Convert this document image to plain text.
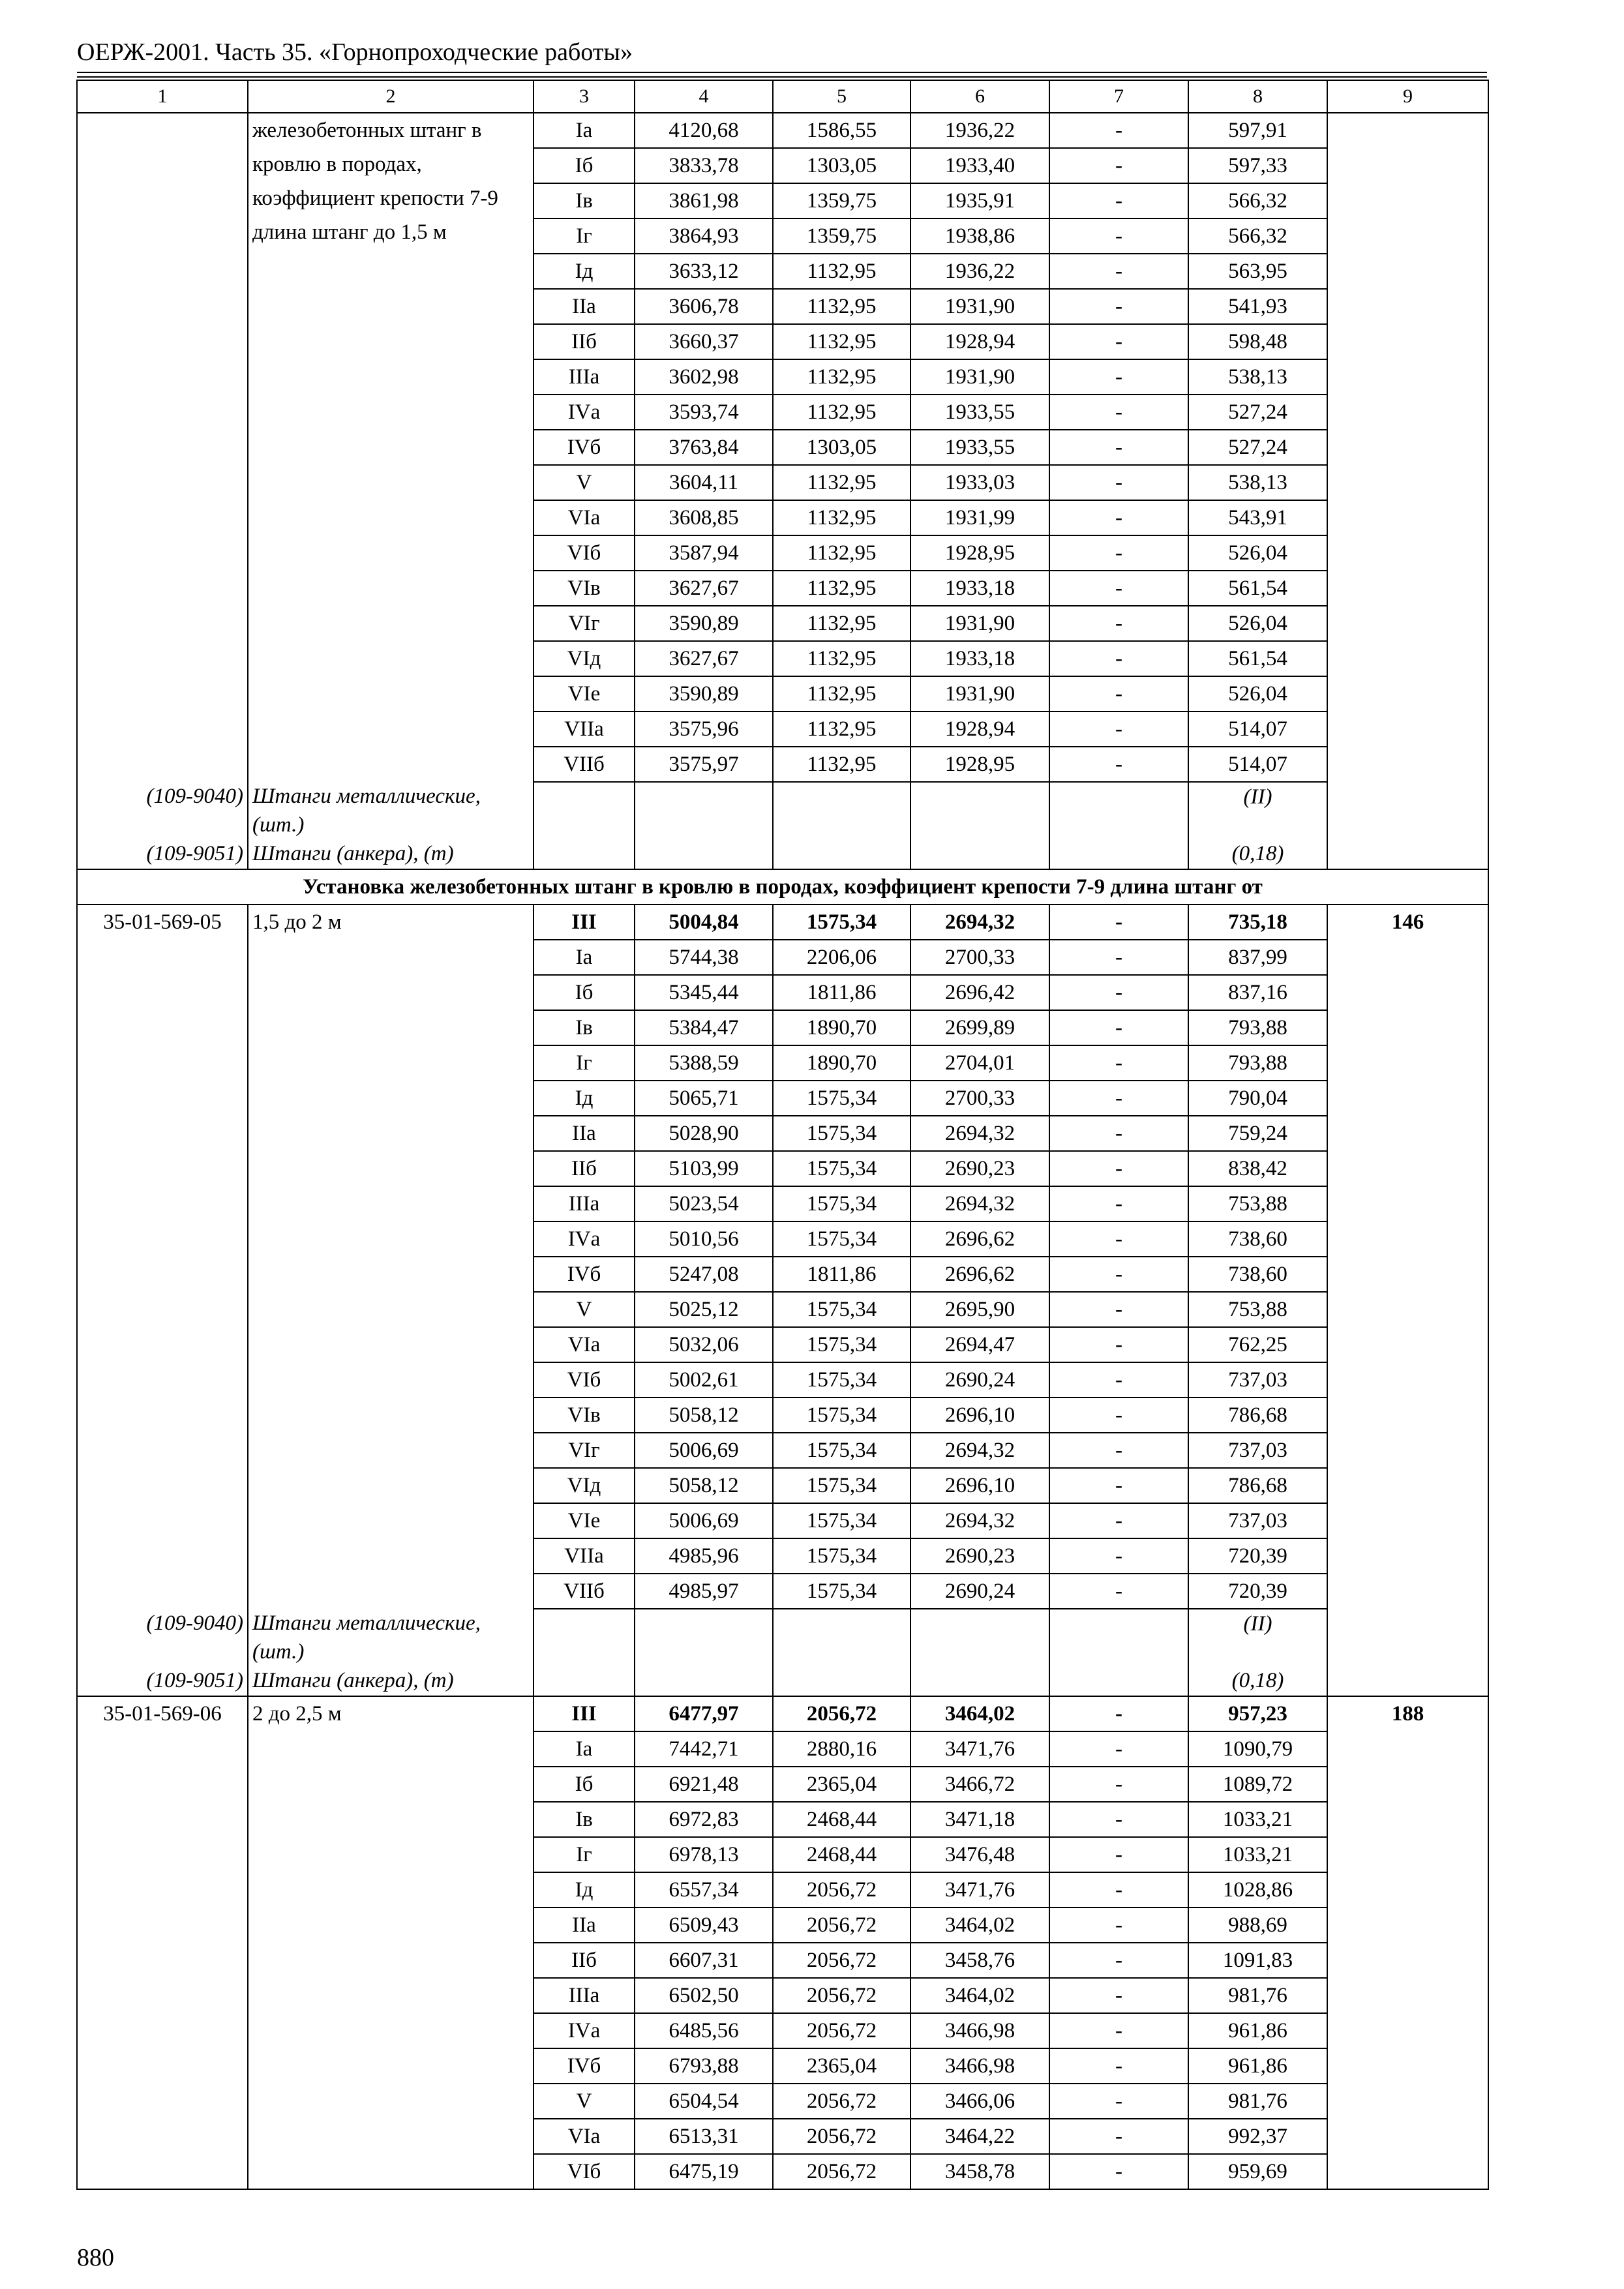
ОЕРЖ-2001. Часть 35. «Горнопроходческие работы»
1	2	3	4	5	6	7	8	9
	железобетонных штанг в кровлю в породах, коэффициент крепости 7-9 длина штанг до 1,5 м	Iа	4120,68	1586,55	1936,22	-	597,91	
		Iб	3833,78	1303,05	1933,40	-	597,33	
		Iв	3861,98	1359,75	1935,91	-	566,32	
		Iг	3864,93	1359,75	1938,86	-	566,32	
		Iд	3633,12	1132,95	1936,22	-	563,95	
		IIа	3606,78	1132,95	1931,90	-	541,93	
		IIб	3660,37	1132,95	1928,94	-	598,48	
		IIIа	3602,98	1132,95	1931,90	-	538,13	
		IVа	3593,74	1132,95	1933,55	-	527,24	
		IVб	3763,84	1303,05	1933,55	-	527,24	
		V	3604,11	1132,95	1933,03	-	538,13	
		VIа	3608,85	1132,95	1931,99	-	543,91	
		VIб	3587,94	1132,95	1928,95	-	526,04	
		VIв	3627,67	1132,95	1933,18	-	561,54	
		VIг	3590,89	1132,95	1931,90	-	526,04	
		VIд	3627,67	1132,95	1933,18	-	561,54	
		VIе	3590,89	1132,95	1931,90	-	526,04	
		VIIа	3575,96	1132,95	1928,94	-	514,07	
		VIIб	3575,97	1132,95	1928,95	-	514,07	
(109-9040)	Штанги металлические, (шт.)						(II)	
(109-9051)	Штанги (анкера), (т)						(0,18)	
Установка железобетонных штанг в кровлю в породах, коэффициент крепости 7-9 длина штанг от								
35-01-569-05	1,5 до 2 м	III	5004,84	1575,34	2694,32	-	735,18	146
		Iа	5744,38	2206,06	2700,33	-	837,99	
		Iб	5345,44	1811,86	2696,42	-	837,16	
		Iв	5384,47	1890,70	2699,89	-	793,88	
		Iг	5388,59	1890,70	2704,01	-	793,88	
		Iд	5065,71	1575,34	2700,33	-	790,04	
		IIа	5028,90	1575,34	2694,32	-	759,24	
		IIб	5103,99	1575,34	2690,23	-	838,42	
		IIIа	5023,54	1575,34	2694,32	-	753,88	
		IVа	5010,56	1575,34	2696,62	-	738,60	
		IVб	5247,08	1811,86	2696,62	-	738,60	
		V	5025,12	1575,34	2695,90	-	753,88	
		VIа	5032,06	1575,34	2694,47	-	762,25	
		VIб	5002,61	1575,34	2690,24	-	737,03	
		VIв	5058,12	1575,34	2696,10	-	786,68	
		VIг	5006,69	1575,34	2694,32	-	737,03	
		VIд	5058,12	1575,34	2696,10	-	786,68	
		VIе	5006,69	1575,34	2694,32	-	737,03	
		VIIа	4985,96	1575,34	2690,23	-	720,39	
		VIIб	4985,97	1575,34	2690,24	-	720,39	
(109-9040)	Штанги металлические, (шт.)						(II)	
(109-9051)	Штанги (анкера), (т)						(0,18)	
35-01-569-06	2 до 2,5 м	III	6477,97	2056,72	3464,02	-	957,23	188
		Iа	7442,71	2880,16	3471,76	-	1090,79	
		Iб	6921,48	2365,04	3466,72	-	1089,72	
		Iв	6972,83	2468,44	3471,18	-	1033,21	
		Iг	6978,13	2468,44	3476,48	-	1033,21	
		Iд	6557,34	2056,72	3471,76	-	1028,86	
		IIа	6509,43	2056,72	3464,02	-	988,69	
		IIб	6607,31	2056,72	3458,76	-	1091,83	
		IIIа	6502,50	2056,72	3464,02	-	981,76	
		IVа	6485,56	2056,72	3466,98	-	961,86	
		IVб	6793,88	2365,04	3466,98	-	961,86	
		V	6504,54	2056,72	3466,06	-	981,76	
		VIа	6513,31	2056,72	3464,22	-	992,37	
		VIб	6475,19	2056,72	3458,78	-	959,69	
880
